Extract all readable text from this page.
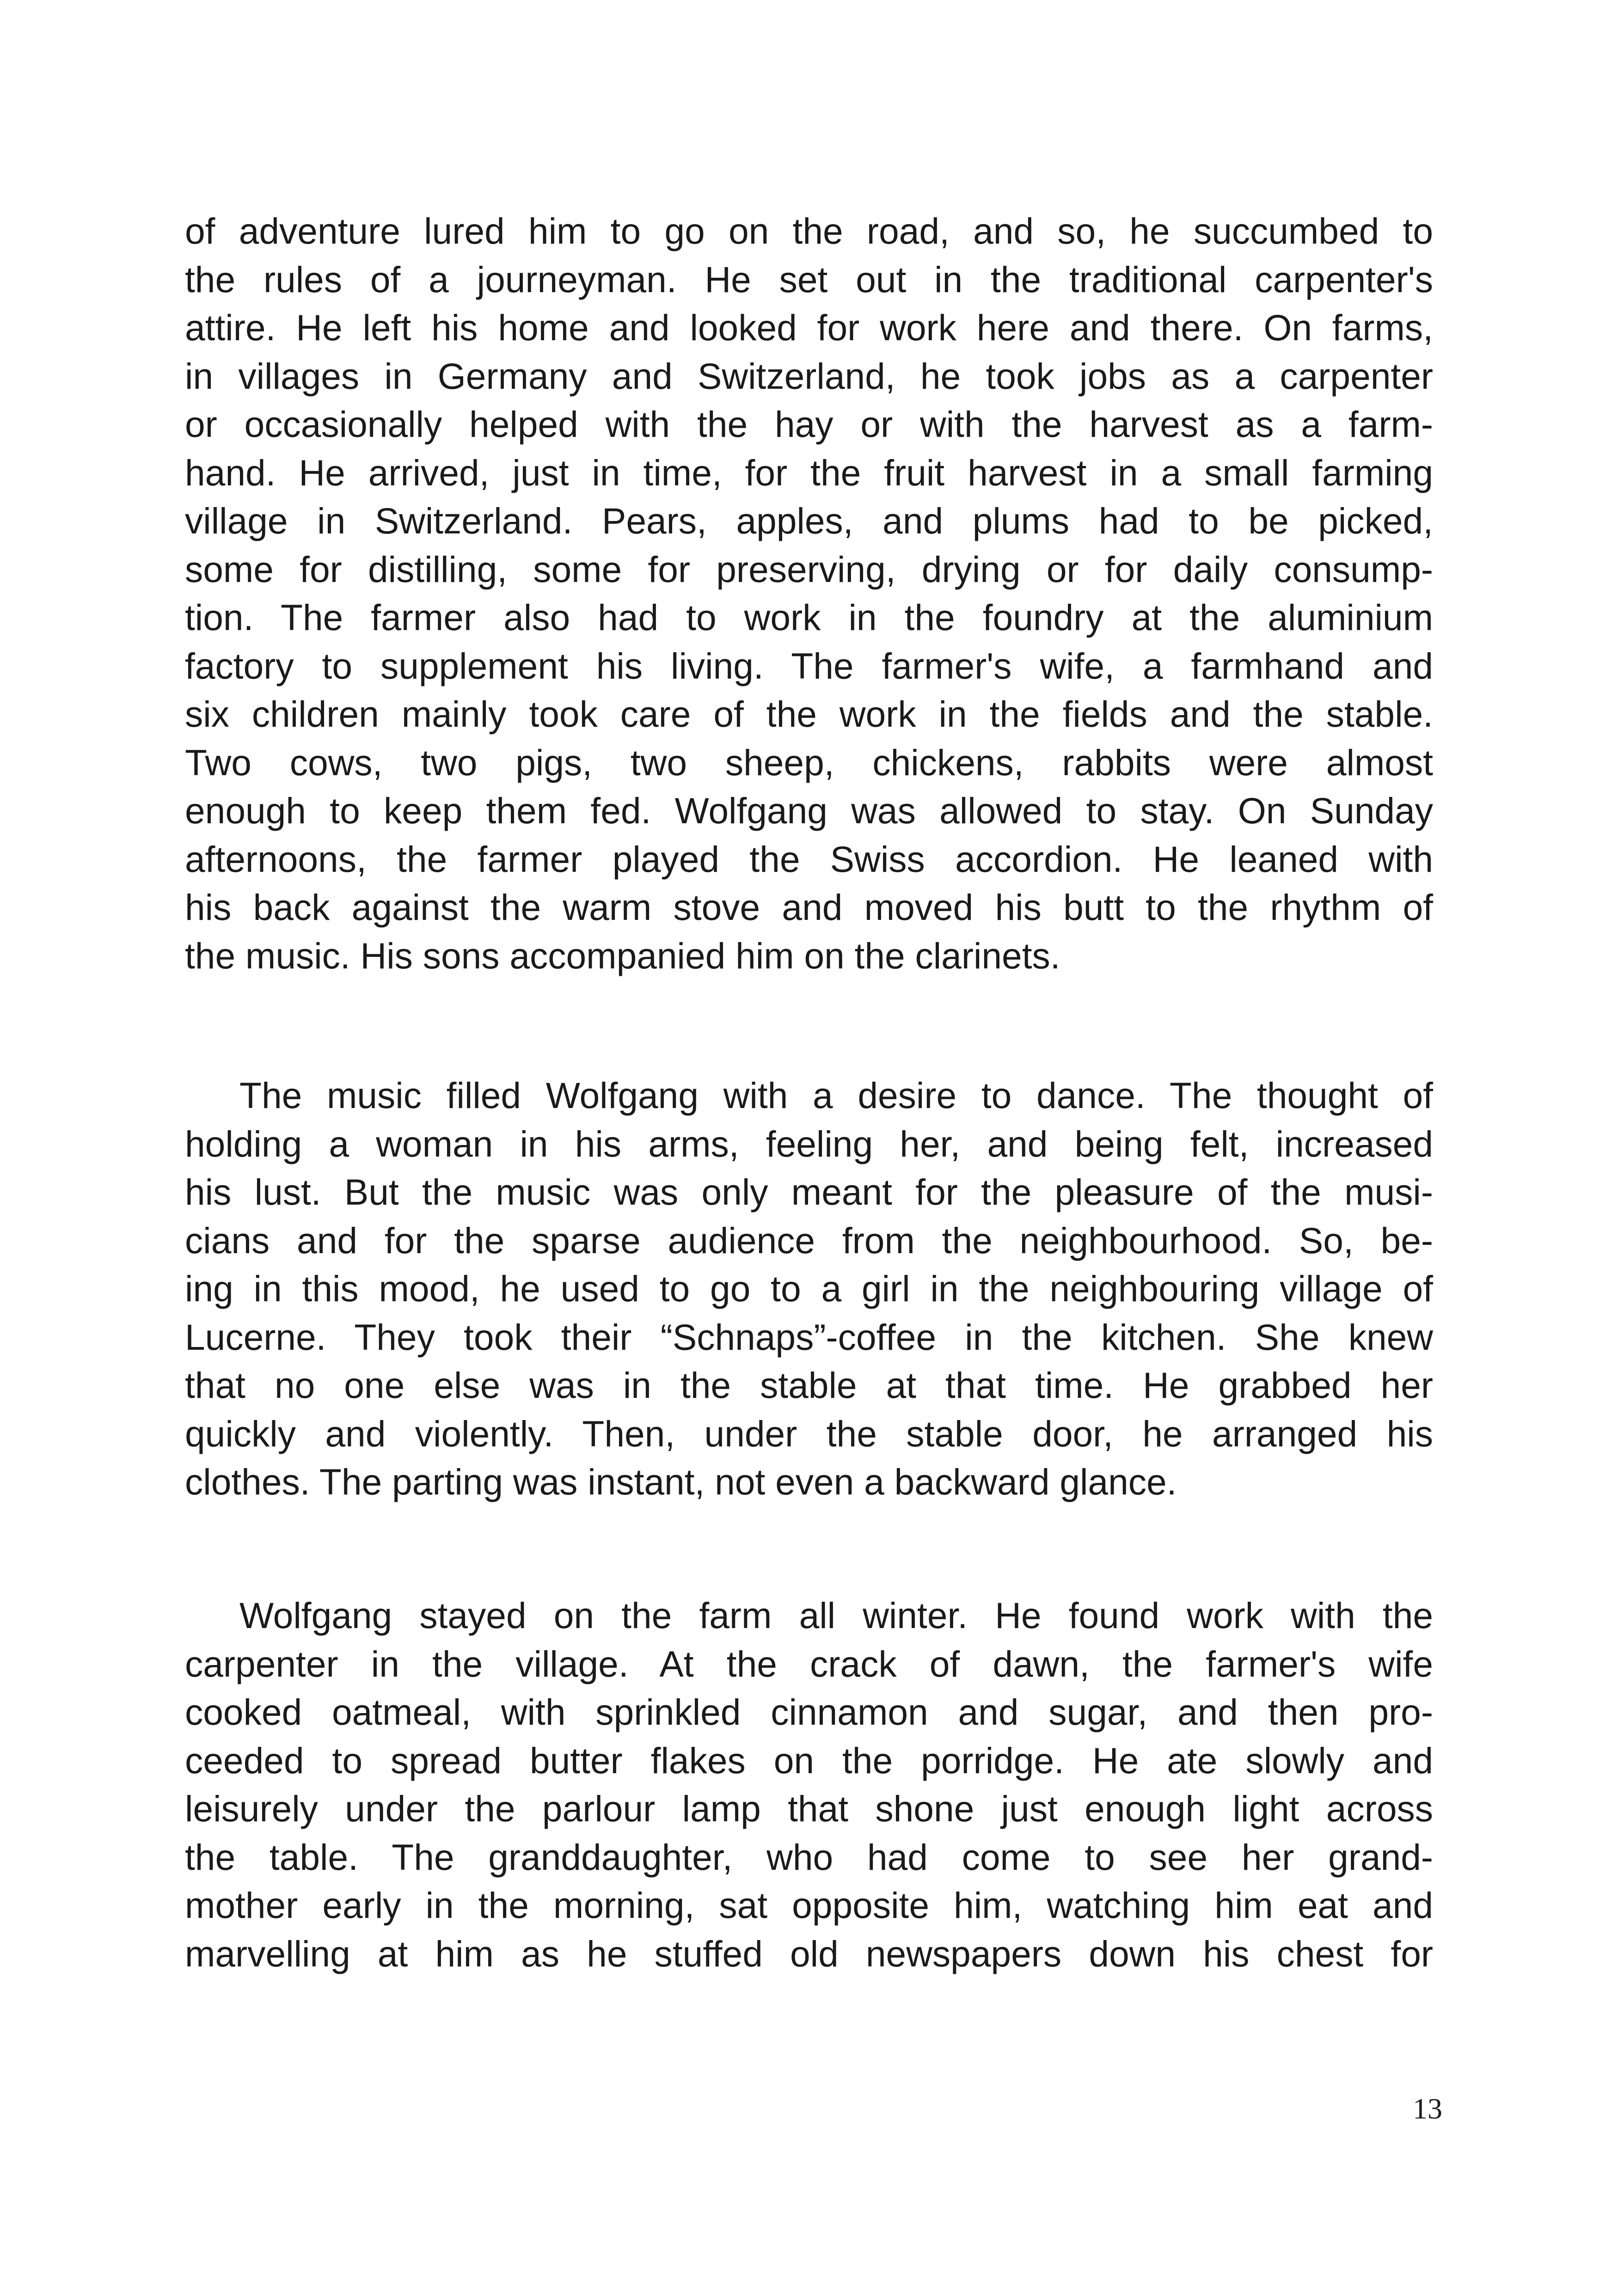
of adventure lured him to go on the road, and so, he succumbed to
the rules of a journeyman. He set out in the traditional carpenter's
attire. He left his home and looked for work here and there. On farms,
in villages in Germany and Switzerland, he took jobs as a carpenter
or occasionally helped with the hay or with the harvest as a farm-
hand. He arrived, just in time, for the fruit harvest in a small farming
village in Switzerland. Pears, apples, and plums had to be picked,
some for distilling, some for preserving, drying or for daily consump-
tion. The farmer also had to work in the foundry at the aluminium
factory to supplement his living. The farmer's wife, a farmhand and
six children mainly took care of the work in the fields and the stable.
Two cows, two pigs, two sheep, chickens, rabbits were almost
enough to keep them fed. Wolfgang was allowed to stay. On Sunday
afternoons, the farmer played the Swiss accordion. He leaned with
his back against the warm stove and moved his butt to the rhythm of
the music. His sons accompanied him on the clarinets.
The music filled Wolfgang with a desire to dance. The thought of
holding a woman in his arms, feeling her, and being felt, increased
his lust. But the music was only meant for the pleasure of the musi-
cians and for the sparse audience from the neighbourhood. So, be-
ing in this mood, he used to go to a girl in the neighbouring village of
Lucerne. They took their “Schnaps”-coffee in the kitchen. She knew
that no one else was in the stable at that time. He grabbed her
quickly and violently. Then, under the stable door, he arranged his
clothes. The parting was instant, not even a backward glance.
Wolfgang stayed on the farm all winter. He found work with the
carpenter in the village. At the crack of dawn, the farmer's wife
cooked oatmeal, with sprinkled cinnamon and sugar, and then pro-
ceeded to spread butter flakes on the porridge. He ate slowly and
leisurely under the parlour lamp that shone just enough light across
the table. The granddaughter, who had come to see her grand-
mother early in the morning, sat opposite him, watching him eat and
marvelling at him as he stuffed old newspapers down his chest for
13
